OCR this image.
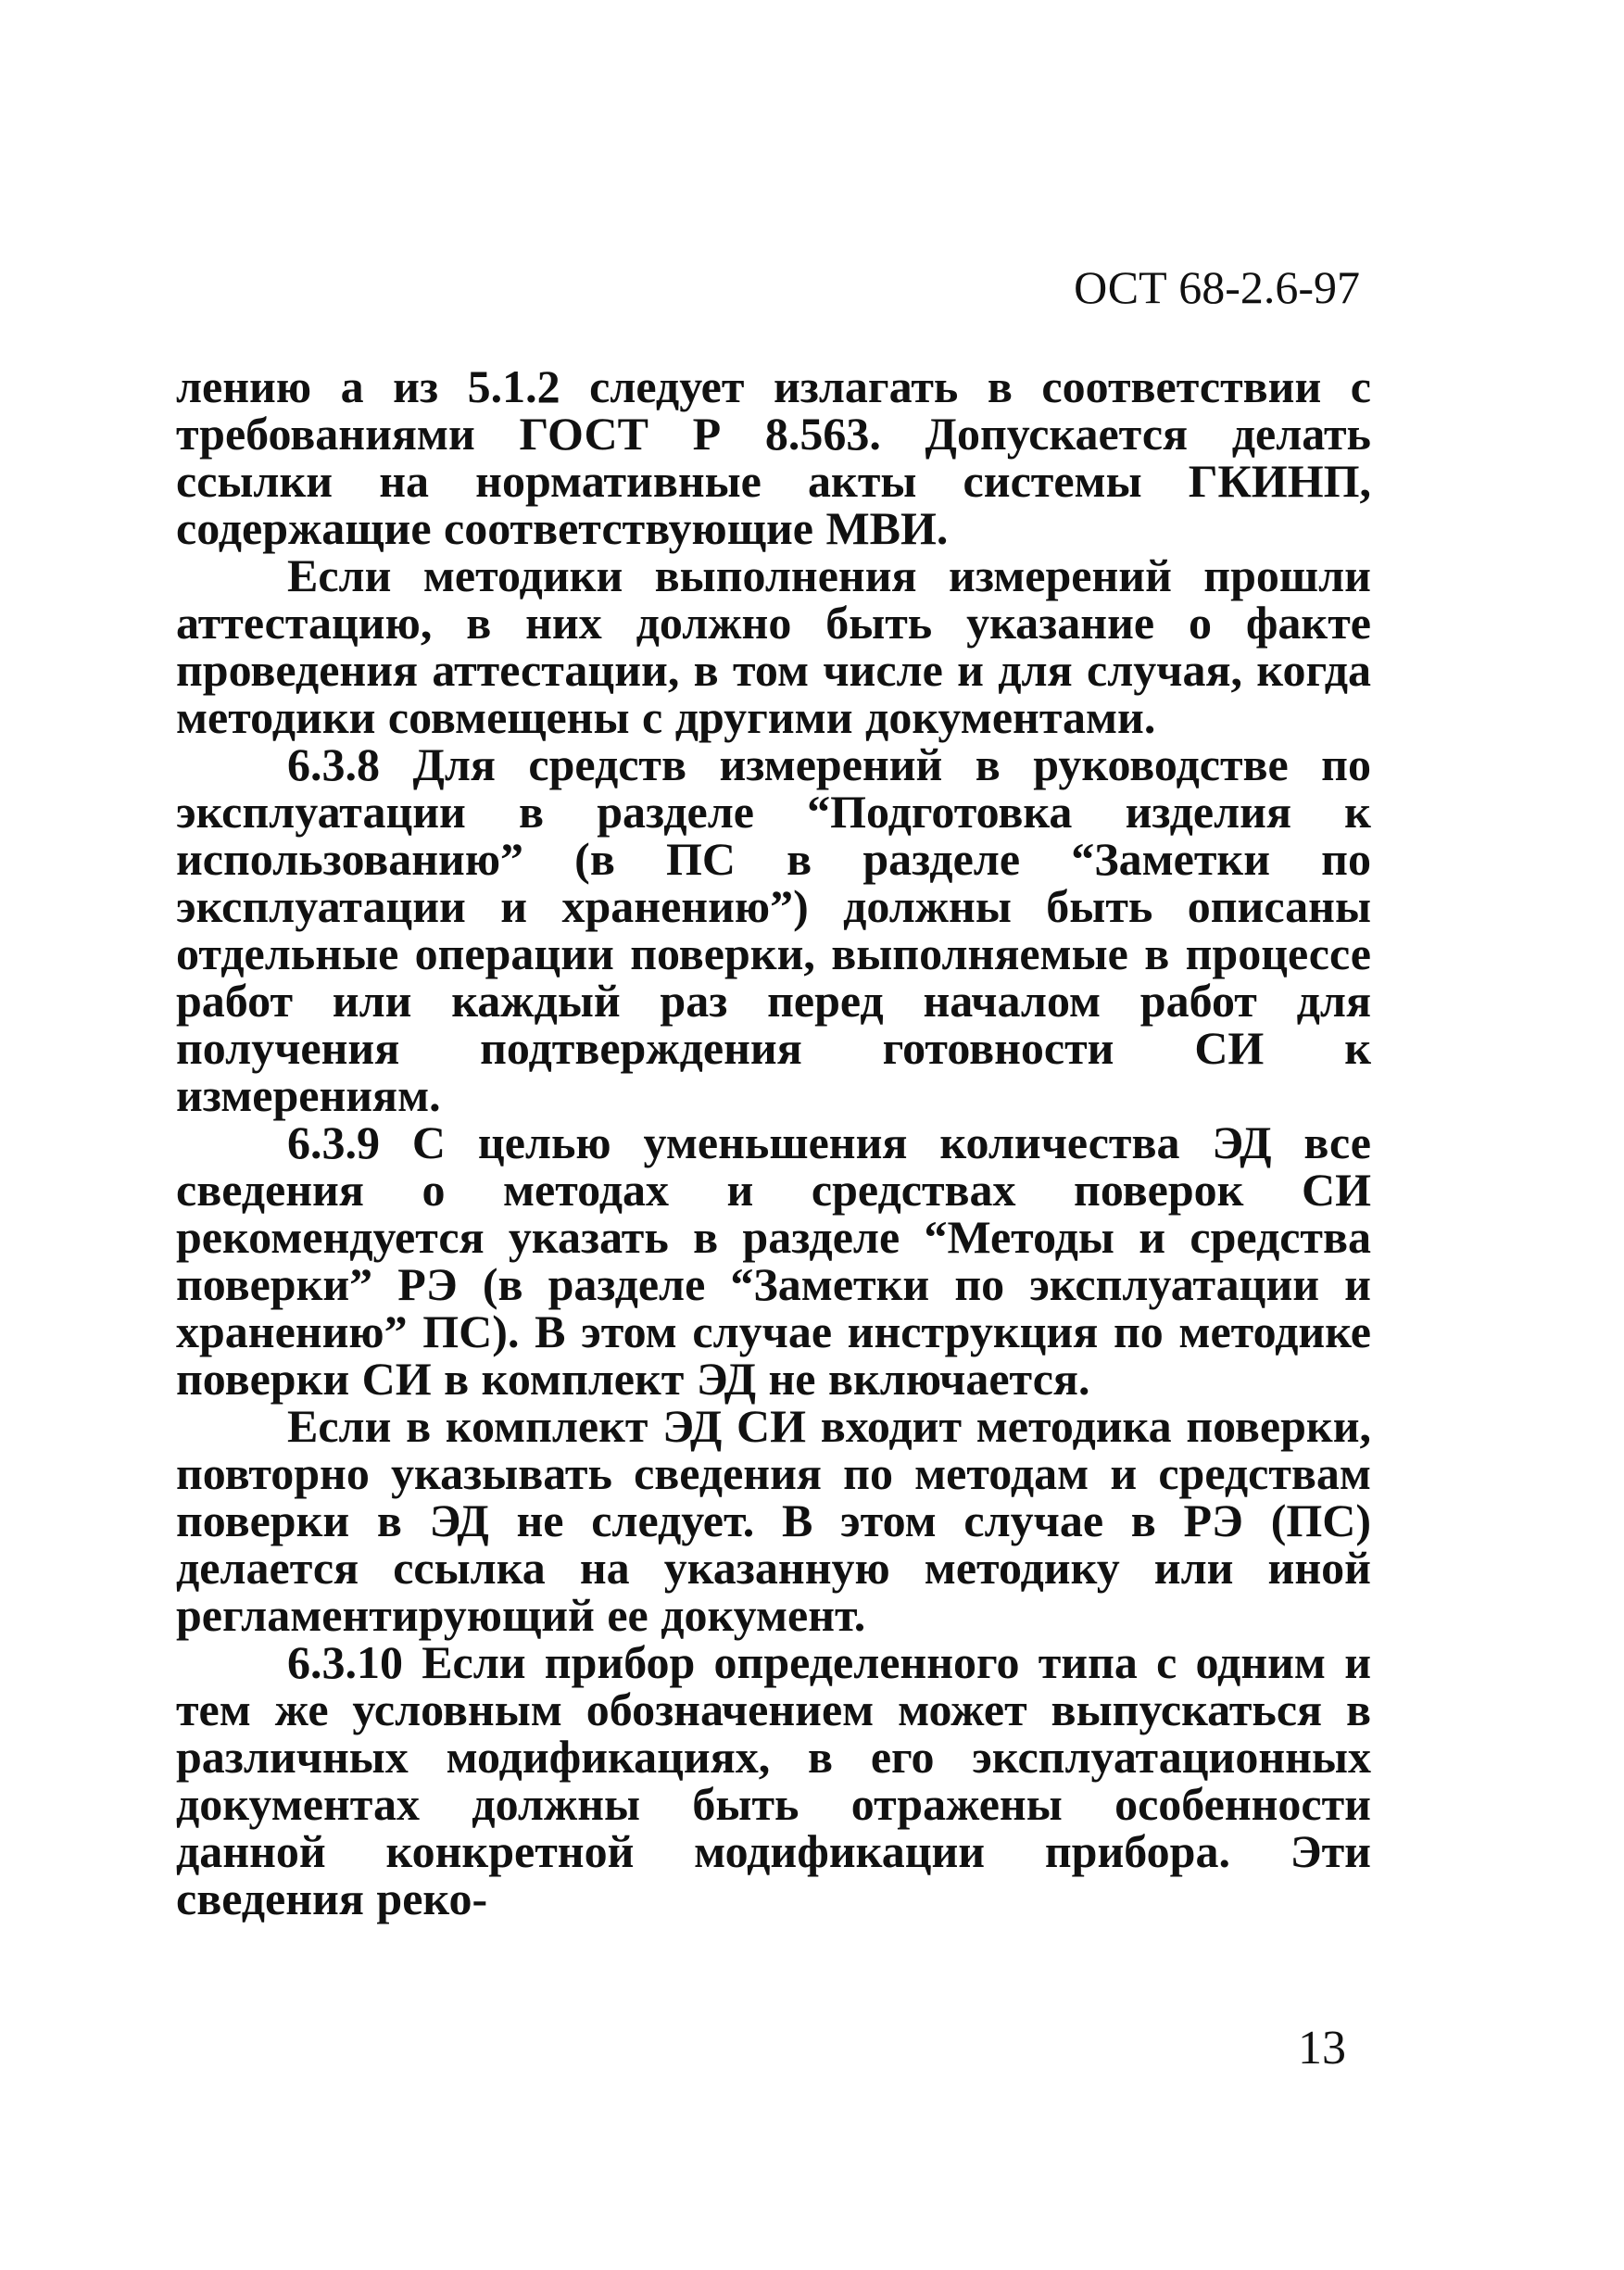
ОСТ 68-2.6-97

лению а из 5.1.2 следует излагать в соответствии с требованиями ГОСТ Р 8.563. Допускается делать ссылки на нормативные акты системы ГКИНП, содержащие соответствующие МВИ.

Если методики выполнения измерений прошли аттестацию, в них должно быть указание о факте проведения аттестации, в том числе и для случая, когда методики совмещены с другими документами.

6.3.8 Для средств измерений в руководстве по эксплуатации в разделе “Подготовка изделия к использованию” (в ПС в разделе “Заметки по эксплуатации и хранению”) должны быть описаны отдельные операции поверки, выполняемые в процессе работ или каждый раз перед началом работ для получения подтверждения готовности СИ к измерениям.

6.3.9 С целью уменьшения количества ЭД все сведения о методах и средствах поверок СИ рекомендуется указать в разделе “Методы и средства поверки” РЭ (в разделе “Заметки по эксплуатации и хранению” ПС). В этом случае инструкция по методике поверки СИ в комплект ЭД не включается.

Если в комплект ЭД СИ входит методика поверки, повторно указывать сведения по методам и средствам поверки в ЭД не следует. В этом случае в РЭ (ПС) делается ссылка на указанную методику или иной регламентирующий ее документ.

6.3.10 Если прибор определенного типа с одним и тем же условным обозначением может выпускаться в различных модификациях, в его эксплуатационных документах должны быть отражены особенности данной конкретной модификации прибора. Эти сведения реко-

13
